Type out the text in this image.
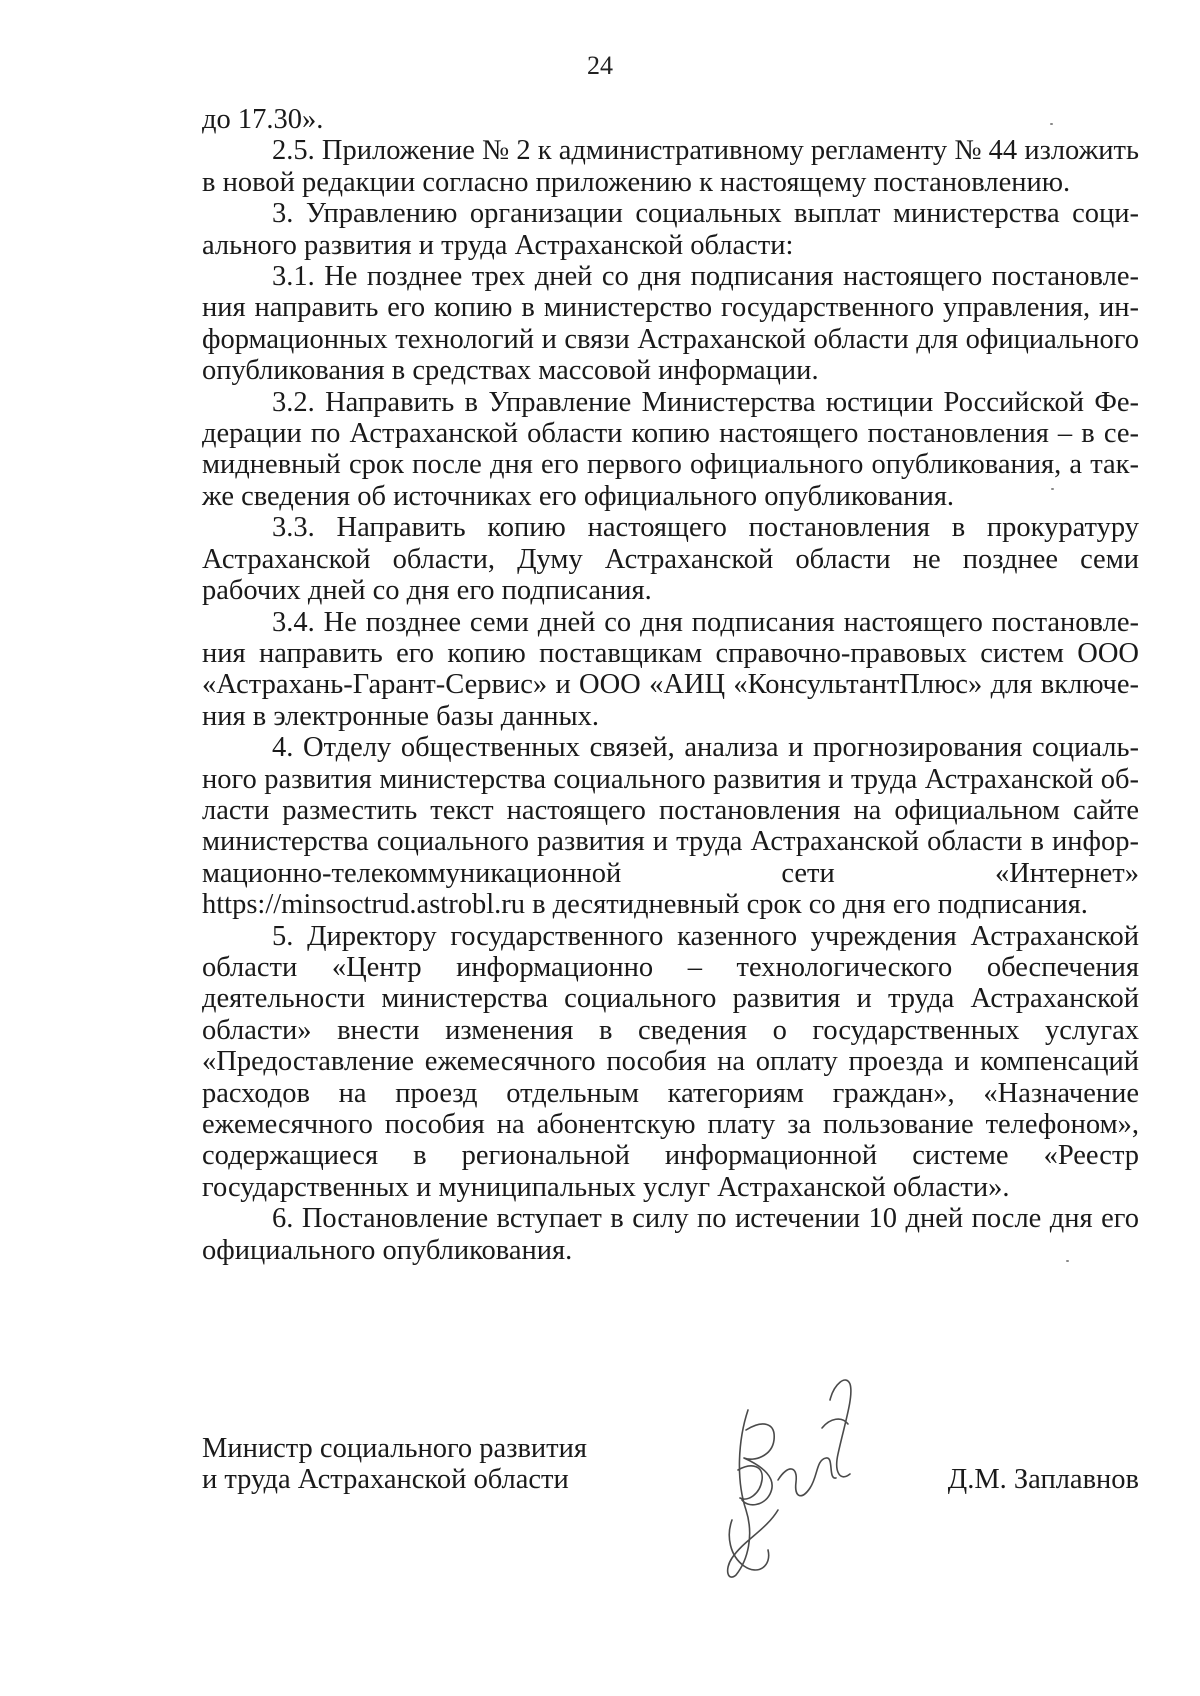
24

до 17.30».

2.5. Приложение № 2 к административному регламенту № 44 изложить в новой редакции согласно приложению к настоящему постановлению.

3. Управлению организации социальных выплат министерства социального развития и труда Астраханской области:

3.1. Не позднее трех дней со дня подписания настоящего постановления направить его копию в министерство государственного управления, информационных технологий и связи Астраханской области для официального опубликования в средствах массовой информации.

3.2. Направить в Управление Министерства юстиции Российской Федерации по Астраханской области копию настоящего постановления – в семидневный срок после дня его первого официального опубликования, а также сведения об источниках его официального опубликования.

3.3. Направить копию настоящего постановления в прокуратуру Астраханской области, Думу Астраханской области не позднее семи рабочих дней со дня его подписания.

3.4. Не позднее семи дней со дня подписания настоящего постановления направить его копию поставщикам справочно-правовых систем ООО «Астрахань-Гарант-Сервис» и ООО «АИЦ «КонсультантПлюс» для включения в электронные базы данных.

4. Отделу общественных связей, анализа и прогнозирования социального развития министерства социального развития и труда Астраханской области разместить текст настоящего постановления на официальном сайте министерства социального развития и труда Астраханской области в информационно-телекоммуникационной сети «Интернет» https://minsoctrud.astrobl.ru в десятидневный срок со дня его подписания.

5. Директору государственного казенного учреждения Астраханской области «Центр информационно – технологического обеспечения деятельности министерства социального развития и труда Астраханской области» внести изменения в сведения о государственных услугах «Предоставление ежемесячного пособия на оплату проезда и компенсаций расходов на проезд отдельным категориям граждан», «Назначение ежемесячного пособия на абонентскую плату за пользование телефоном», содержащиеся в региональной информационной системе «Реестр государственных и муниципальных услуг Астраханской области».

6. Постановление вступает в силу по истечении 10 дней после дня его официального опубликования.

Министр социального развития
и труда Астраханской области	Д.М. Заплавнов
